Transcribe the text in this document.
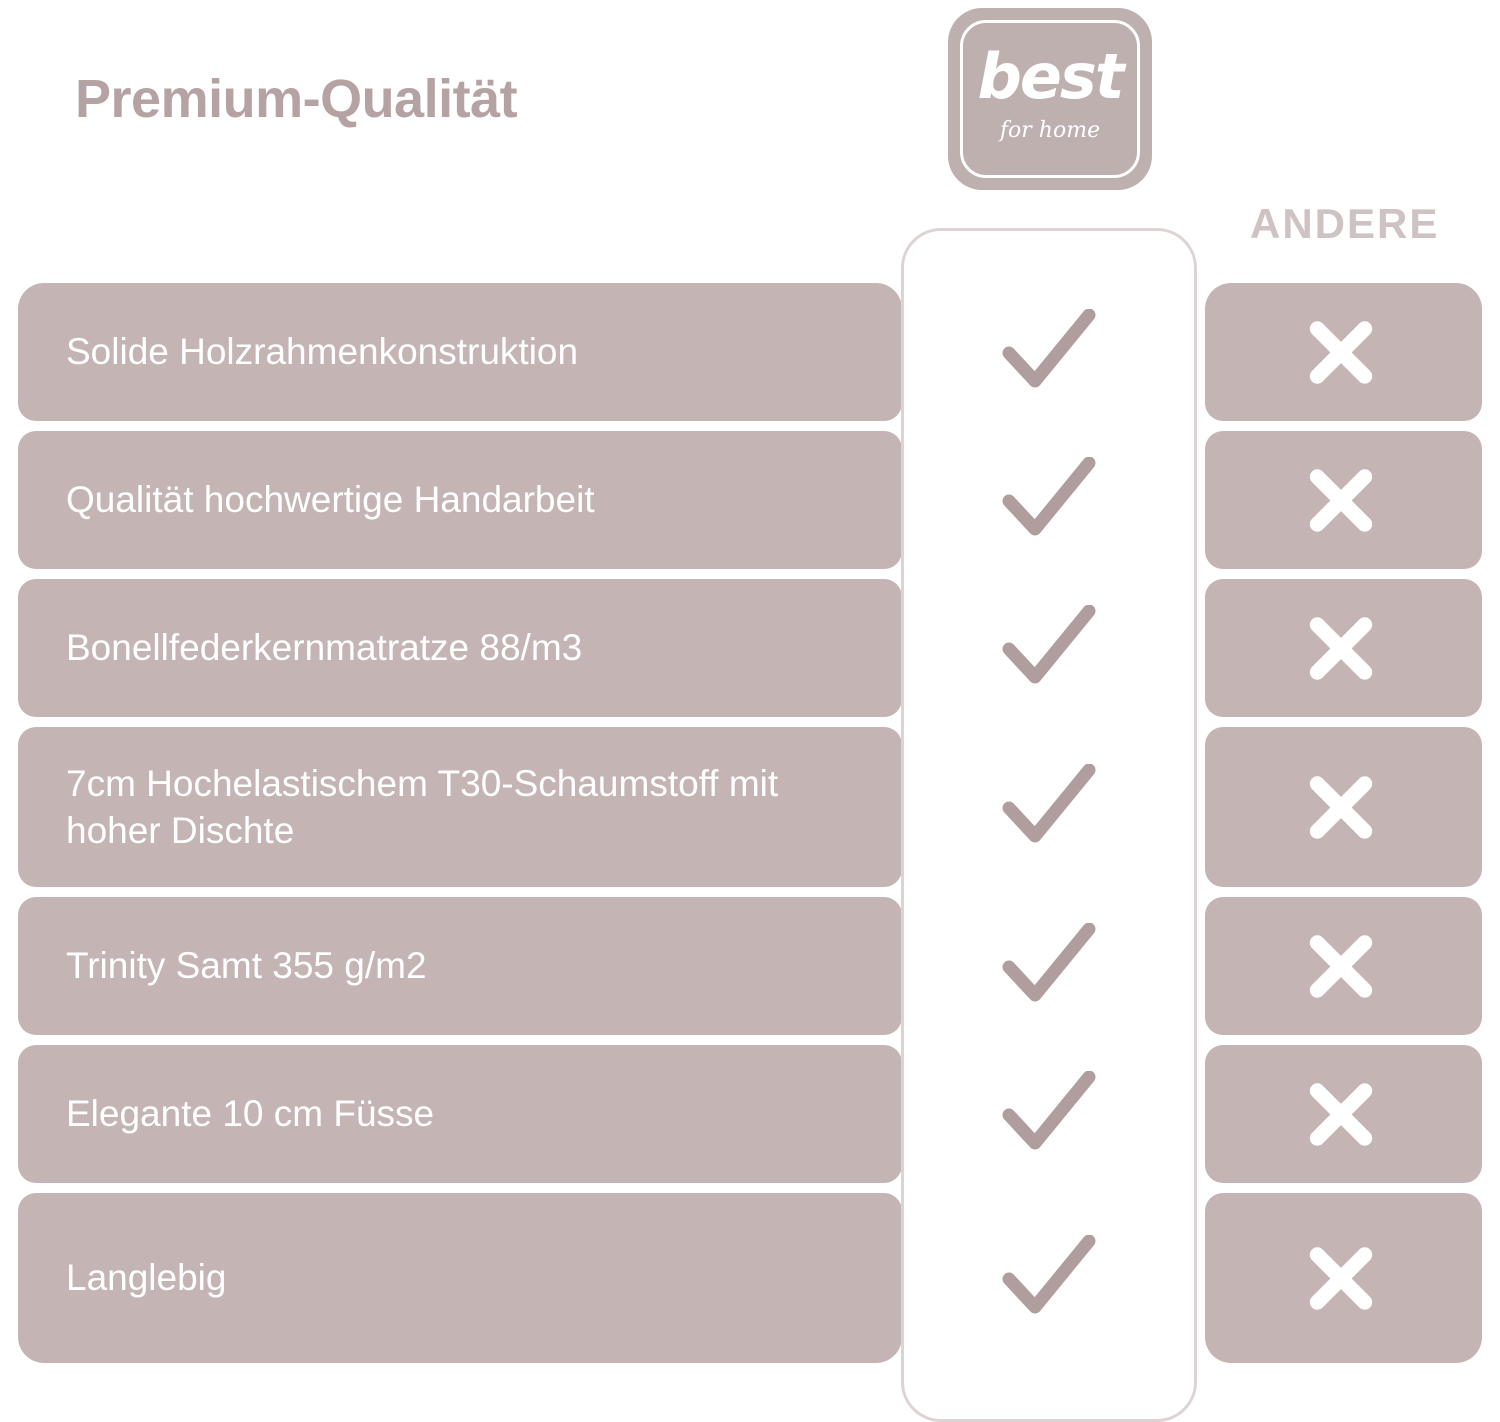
Premium-Qualität	best
for home
ANDERE
Solide Holzrahmenkonstruktion
Qualität hochwertige Handarbeit
Bonellfederkernmatratze 88/m3
7cm Hochelastischem T30-Schaumstoff mit hoher Dischte
Trinity Samt 355 g/m2
Elegante 10 cm Füsse
Langlebig
